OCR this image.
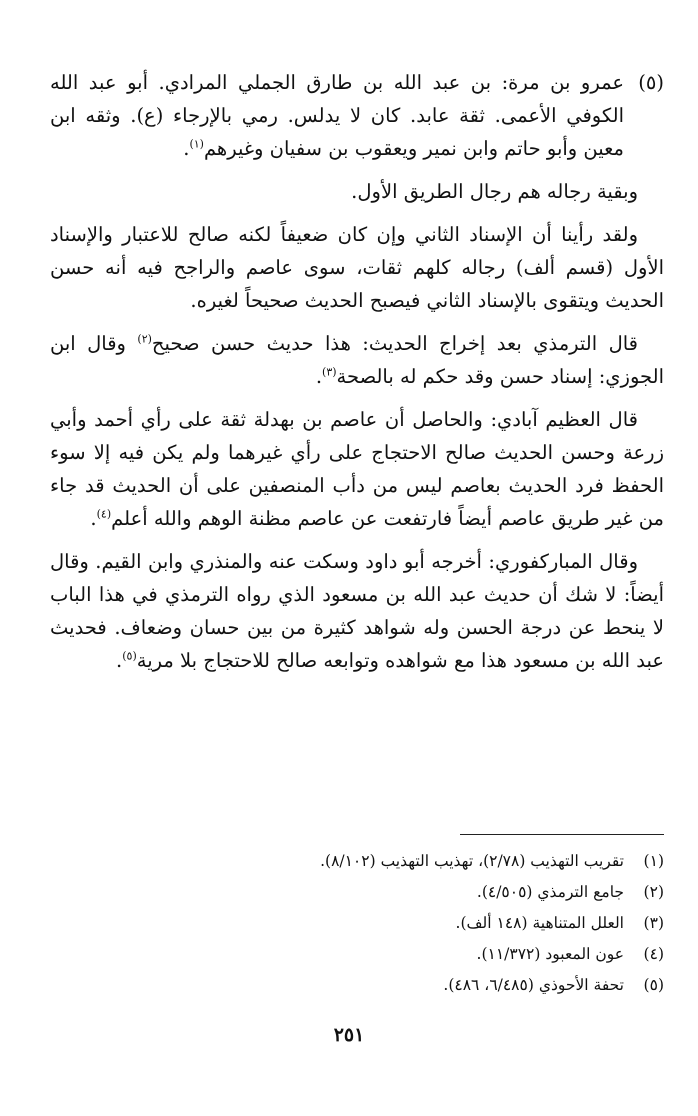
(٥)
عمرو بن مرة: بن عبد الله بن طارق الجملي المرادي. أبو عبد الله الكوفي الأعمى. ثقة عابد. كان لا يدلس. رمي بالإرجاء (ع). وثقه ابن معين وأبو حاتم وابن نمير ويعقوب بن سفيان وغيرهم$^{(١)}$.

وبقية رجاله هم رجال الطريق الأول.

ولقد رأينا أن الإسناد الثاني وإن كان ضعيفاً لكنه صالح للاعتبار والإسناد الأول (قسم ألف) رجاله كلهم ثقات، سوى عاصم والراجح فيه أنه حسن الحديث ويتقوى بالإسناد الثاني فيصبح الحديث صحيحاً لغيره.

قال الترمذي بعد إخراج الحديث: هذا حديث حسن صحيح$^{(٢)}$ وقال ابن الجوزي: إسناد حسن وقد حكم له بالصحة$^{(٣)}$.

قال العظيم آبادي: والحاصل أن عاصم بن بهدلة ثقة على رأي أحمد وأبي زرعة وحسن الحديث صالح الاحتجاج على رأي غيرهما ولم يكن فيه إلا سوء الحفظ فرد الحديث بعاصم ليس من دأب المنصفين على أن الحديث قد جاء من غير طريق عاصم أيضاً فارتفعت عن عاصم مظنة الوهم والله أعلم$^{(٤)}$.

وقال المباركفوري: أخرجه أبو داود وسكت عنه والمنذري وابن القيم. وقال أيضاً: لا شك أن حديث عبد الله بن مسعود الذي رواه الترمذي في هذا الباب لا ينحط عن درجة الحسن وله شواهد كثيرة من بين حسان وضعاف. فحديث عبد الله بن مسعود هذا مع شواهده وتوابعه صالح للاحتجاج بلا مرية$^{(٥)}$.

(١)
تقريب التهذيب (٢/٧٨)، تهذيب التهذيب (٨/١٠٢).
(٢)
جامع الترمذي (٤/٥٠٥).
(٣)
العلل المتناهية (١٤٨ ألف).
(٤)
عون المعبود (١١/٣٧٢).
(٥)
تحفة الأحوذي (٦/٤٨٥، ٤٨٦).
٢٥١
